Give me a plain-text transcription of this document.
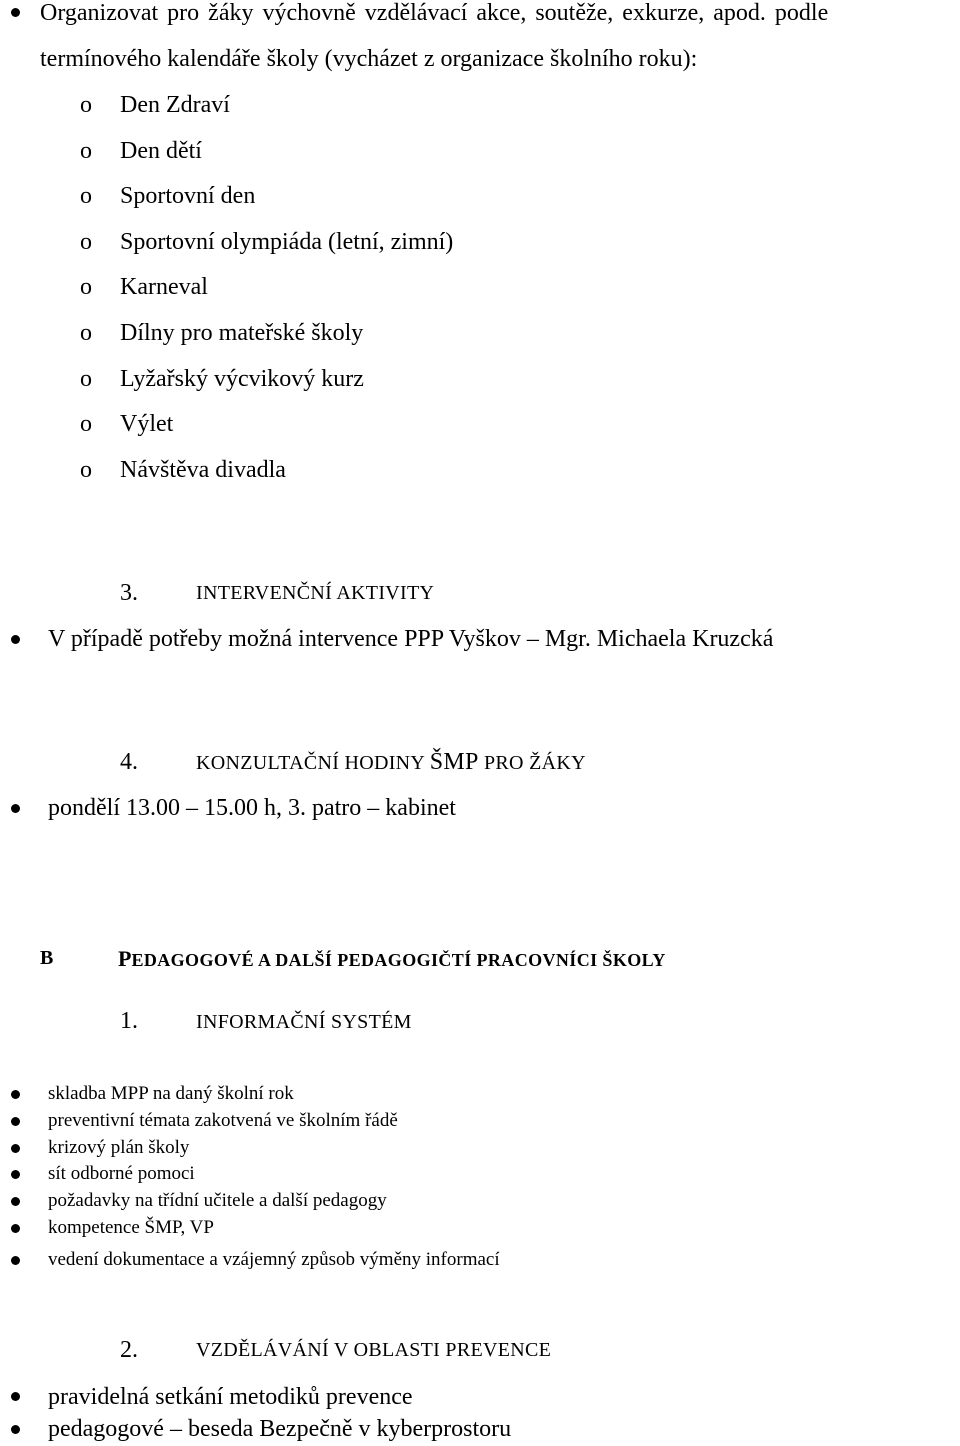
Organizovat pro žáky výchovně vzdělávací akce, soutěže, exkurze, apod. podle
termínového kalendáře školy (vycházet z organizace školního roku):
o Den Zdraví
o Den dětí
o Sportovní den
o Sportovní olympiáda (letní, zimní)
o Karneval
o Dílny pro mateřské školy
o Lyžařský výcvikový kurz
o Výlet
o Návštěva divadla
3.	INTERVENČNÍ AKTIVITY
V případě potřeby možná intervence PPP Vyškov – Mgr. Michaela Kruzcká
4.	KONZULTAČNÍ HODINY ŠMP PRO ŽÁKY
pondělí 13.00 – 15.00 h, 3. patro – kabinet
B	PEDAGOGOVÉ A DALŠÍ PEDAGOGIČTÍ PRACOVNÍCI ŠKOLY
1.	INFORMAČNÍ SYSTÉM
skladba MPP na daný školní rok
preventivní témata zakotvená ve školním řádě
krizový plán školy
sít odborné pomoci
požadavky na třídní učitele a další pedagogy
kompetence ŠMP, VP
vedení dokumentace a vzájemný způsob výměny informací
2.	VZDĚLÁVÁNÍ V OBLASTI PREVENCE
pravidelná setkání metodiků prevence
pedagogové – beseda Bezpečně v kyberprostoru
